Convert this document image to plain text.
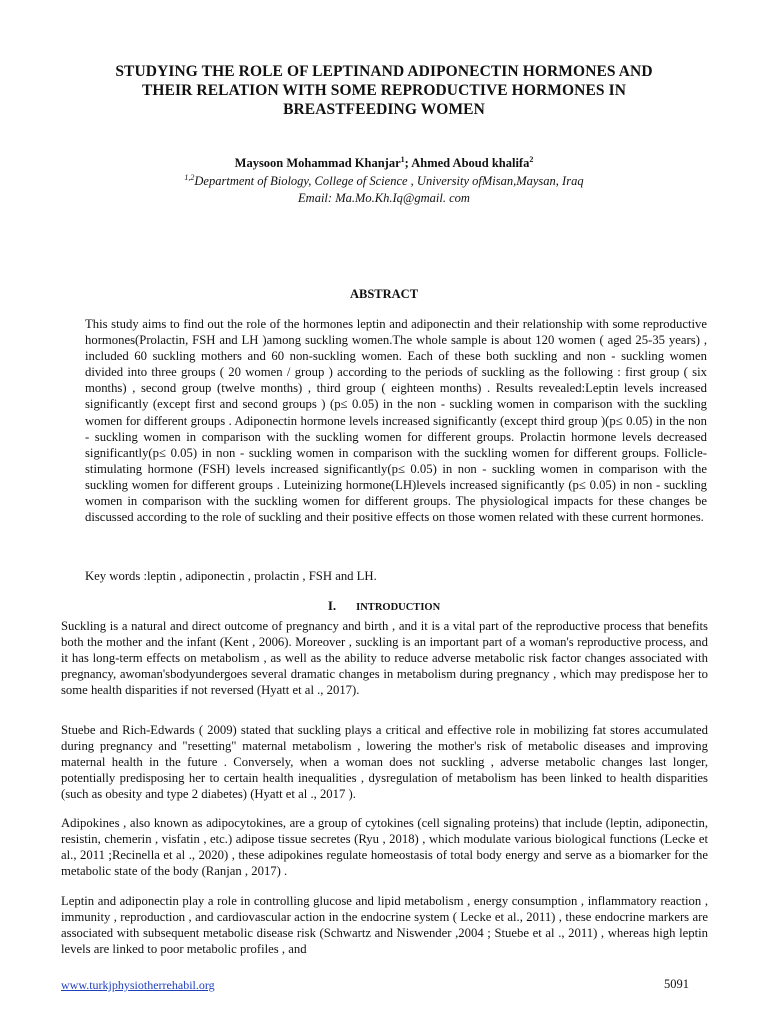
STUDYING THE ROLE OF LEPTINAND ADIPONECTIN HORMONES AND
THEIR RELATION WITH SOME REPRODUCTIVE HORMONES IN
BREASTFEEDING WOMEN
Maysoon Mohammad Khanjar$^1$; Ahmed Aboud khalifa$^2$
$^{1,2}$Department of Biology, College of Science , University ofMisan,Maysan, Iraq
Email: Ma.Mo.Kh.Iq@gmail. com
ABSTRACT
This study aims to find out the role of the hormones leptin and adiponectin and their relationship with some reproductive hormones(Prolactin, FSH and LH )among suckling women.The whole sample is about 120 women ( aged 25-35 years) , included 60 suckling mothers and 60 non-suckling women. Each of these both suckling and non - suckling women divided into three groups ( 20 women / group ) according to the periods of suckling as the following : first group ( six months) , second group (twelve months) , third group ( eighteen months) . Results revealed:Leptin levels increased significantly (except first and second groups ) (p≤ 0.05) in the non - suckling women in comparison with the suckling women for different groups . Adiponectin hormone levels increased significantly (except third group )(p≤ 0.05) in the non - suckling women in comparison with the suckling women for different groups. Prolactin hormone levels decreased significantly(p≤ 0.05) in non - suckling women in comparison with the suckling women for different groups. Follicle-stimulating hormone (FSH) levels increased significantly(p≤ 0.05) in non - suckling women in comparison with the suckling women for different groups . Luteinizing hormone(LH)levels increased significantly (p≤ 0.05) in non - suckling women in comparison with the suckling women for different groups. The physiological impacts for these changes be discussed according to the role of suckling and their positive effects on those women related with these current hormones.
Key words :leptin , adiponectin , prolactin , FSH and LH.
I. INTRODUCTION
Suckling is a natural and direct outcome of pregnancy and birth , and it is a vital part of the reproductive process that benefits both the mother and the infant (Kent , 2006). Moreover , suckling is an important part of a woman's reproductive process, and it has long-term effects on metabolism , as well as the ability to reduce adverse metabolic risk factor changes associated with pregnancy, awoman'sbodyundergoes several dramatic changes in metabolism during pregnancy , which may predispose her to some health disparities if not reversed (Hyatt et al ., 2017).
Stuebe and Rich-Edwards ( 2009) stated that suckling plays a critical and effective role in mobilizing fat stores accumulated during pregnancy and "resetting" maternal metabolism , lowering the mother's risk of metabolic diseases and improving maternal health in the future . Conversely, when a woman does not suckling , adverse metabolic changes last longer, potentially predisposing her to certain health inequalities , dysregulation of metabolism has been linked to health disparities (such as obesity and type 2 diabetes) (Hyatt et al ., 2017 ).
Adipokines , also known as adipocytokines, are a group of cytokines (cell signaling proteins) that include (leptin, adiponectin, resistin, chemerin , visfatin , etc.) adipose tissue secretes (Ryu , 2018) , which modulate various biological functions (Lecke et al., 2011 ;Recinella et al ., 2020) , these adipokines regulate homeostasis of total body energy and serve as a biomarker for the metabolic state of the body (Ranjan , 2017) .
Leptin and adiponectin play a role in controlling glucose and lipid metabolism , energy consumption , inflammatory reaction , immunity , reproduction , and cardiovascular action in the endocrine system ( Lecke et al., 2011) , these endocrine markers are associated with subsequent metabolic disease risk (Schwartz and Niswender ,2004 ; Stuebe et al ., 2011) , whereas high leptin levels are linked to poor metabolic profiles , and
www.turkjphysiotherrehabil.org	5091
